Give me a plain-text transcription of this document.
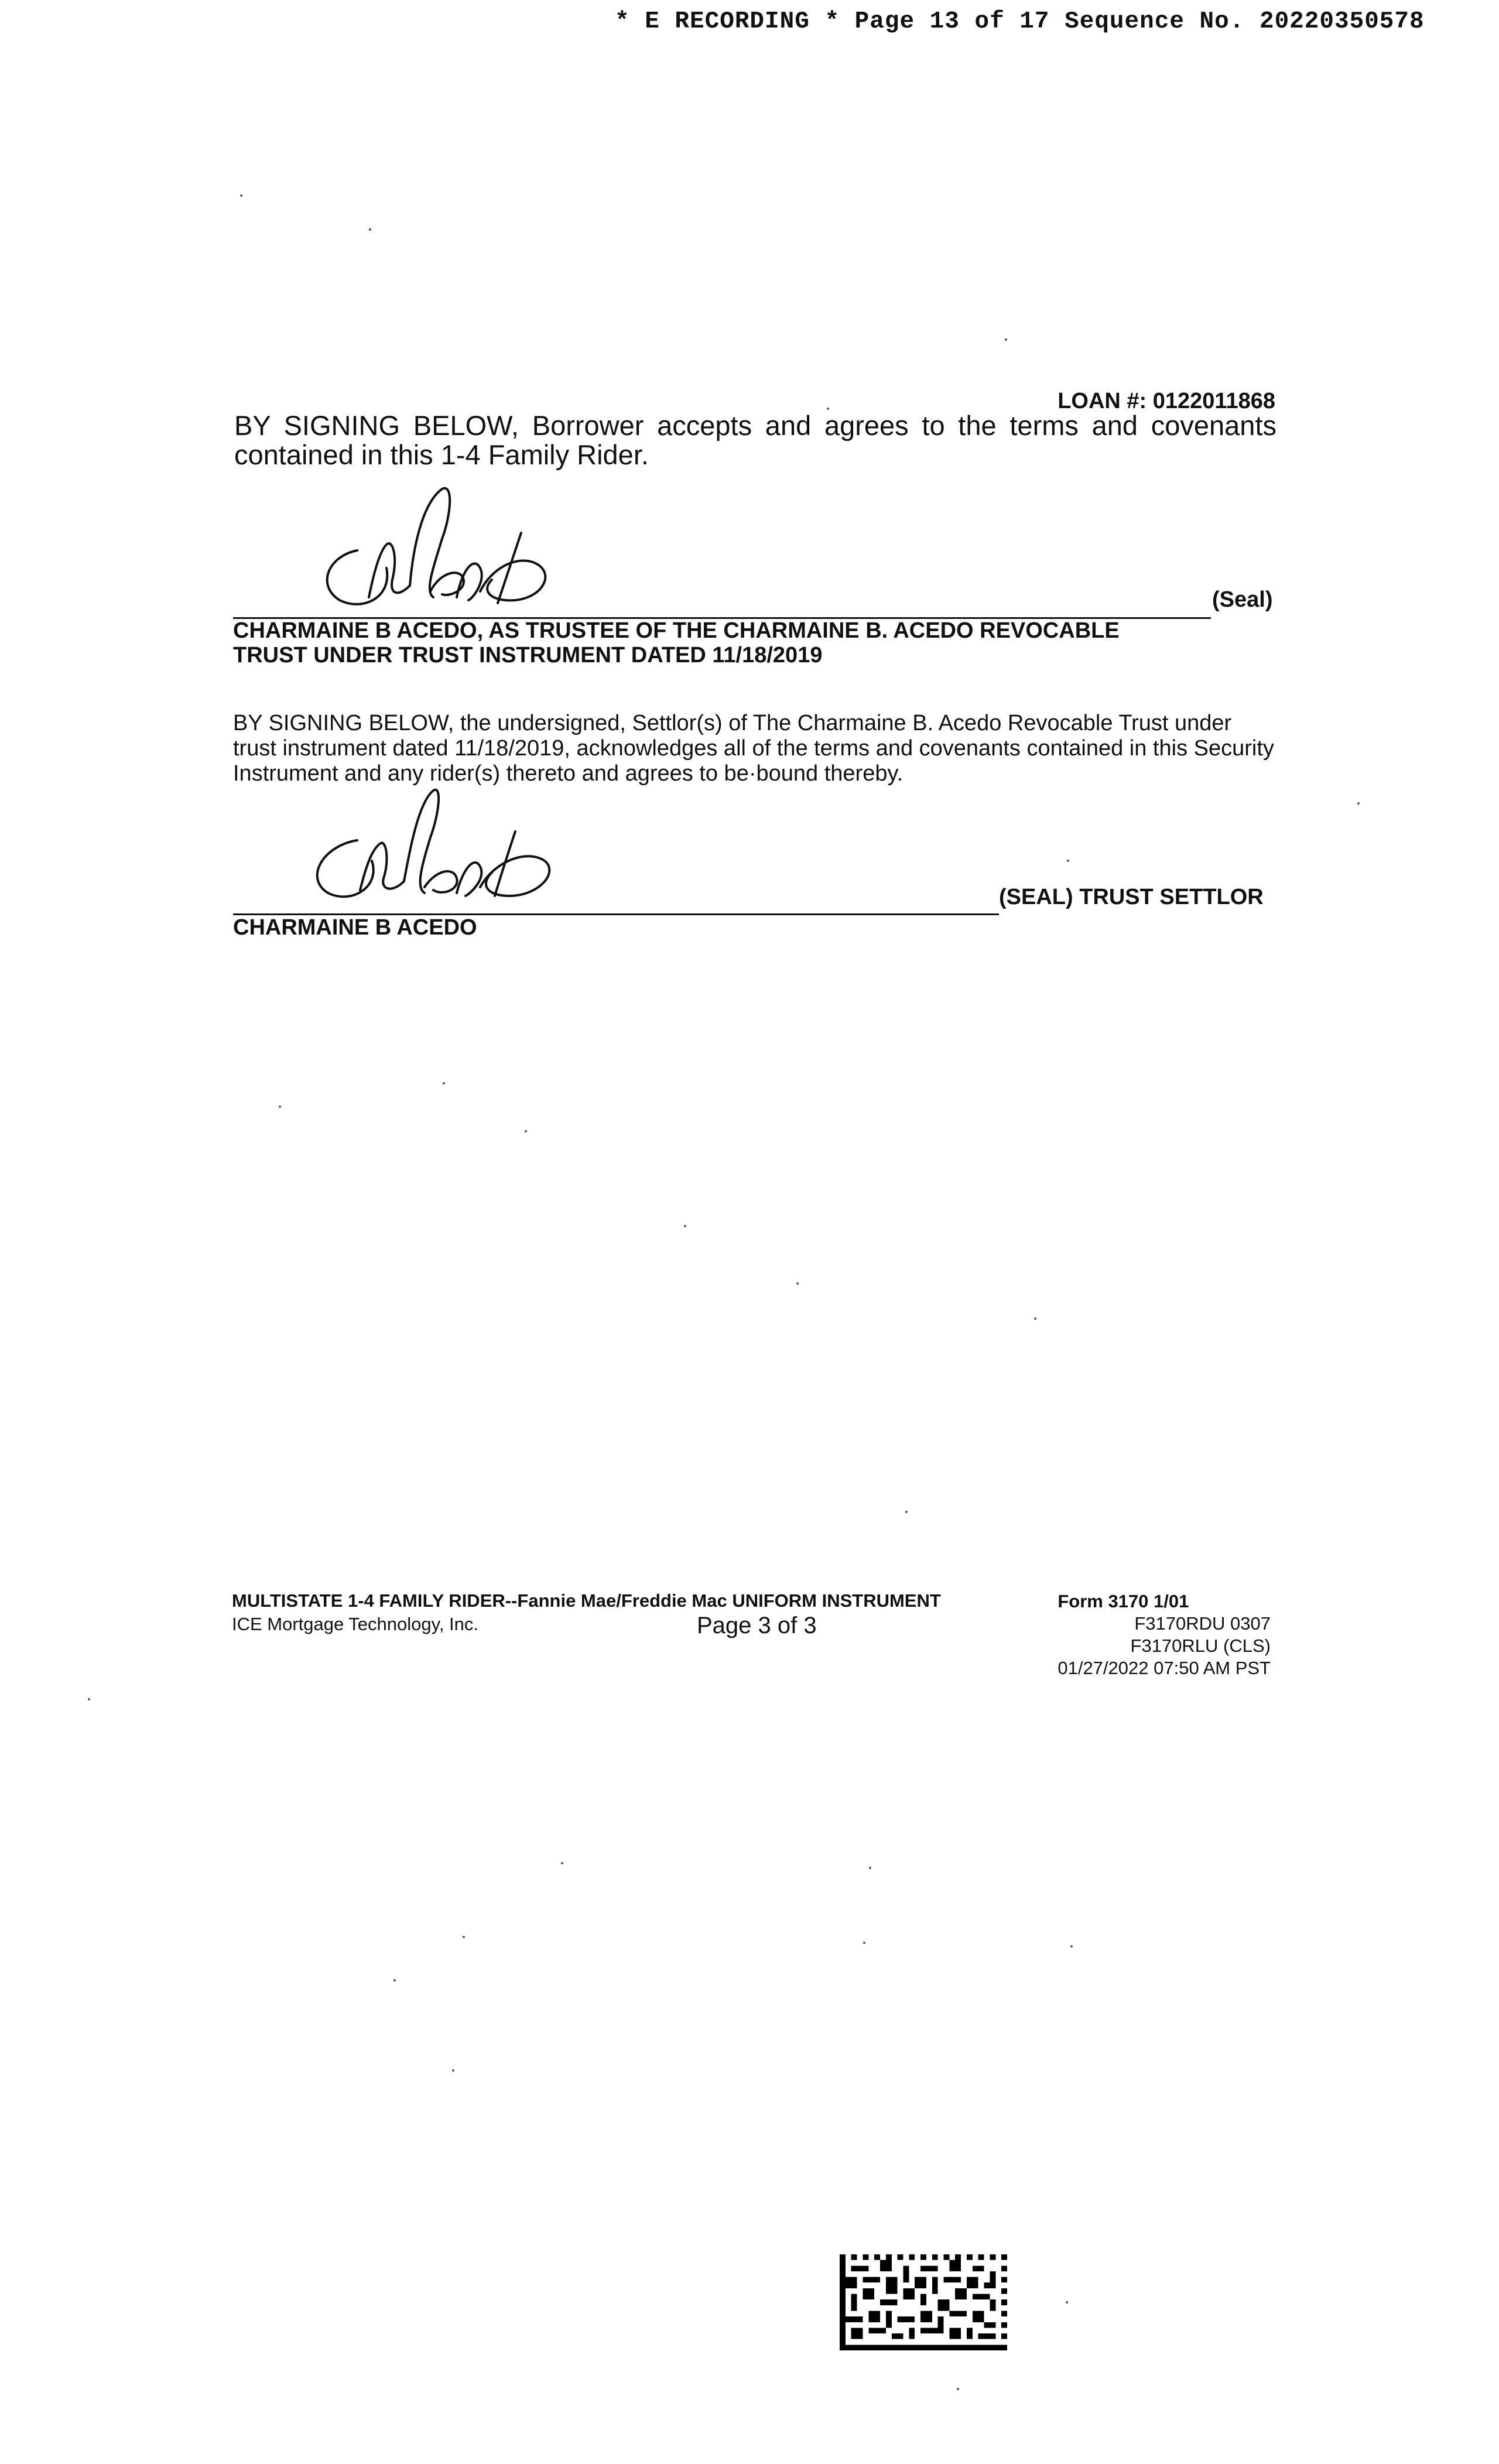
* E RECORDING * Page 13 of 17 Sequence No. 20220350578
LOAN #: 0122011868
BY SIGNING BELOW, Borrower accepts and agrees to the terms and covenants contained in this 1-4 Family Rider.
(Seal)
CHARMAINE B ACEDO, AS TRUSTEE OF THE CHARMAINE B. ACEDO REVOCABLE
TRUST UNDER TRUST INSTRUMENT DATED 11/18/2019
BY SIGNING BELOW, the undersigned, Settlor(s) of The Charmaine B. Acedo Revocable Trust under trust instrument dated 11/18/2019, acknowledges all of the terms and covenants contained in this Security Instrument and any rider(s) thereto and agrees to be·bound thereby.
(SEAL) TRUST SETTLOR
CHARMAINE B ACEDO
MULTISTATE 1-4 FAMILY RIDER--Fannie Mae/Freddie Mac UNIFORM INSTRUMENT
ICE Mortgage Technology, Inc.	Page 3 of 3
Form 3170 1/01
F3170RDU 0307
F3170RLU (CLS)
01/27/2022 07:50 AM PST
